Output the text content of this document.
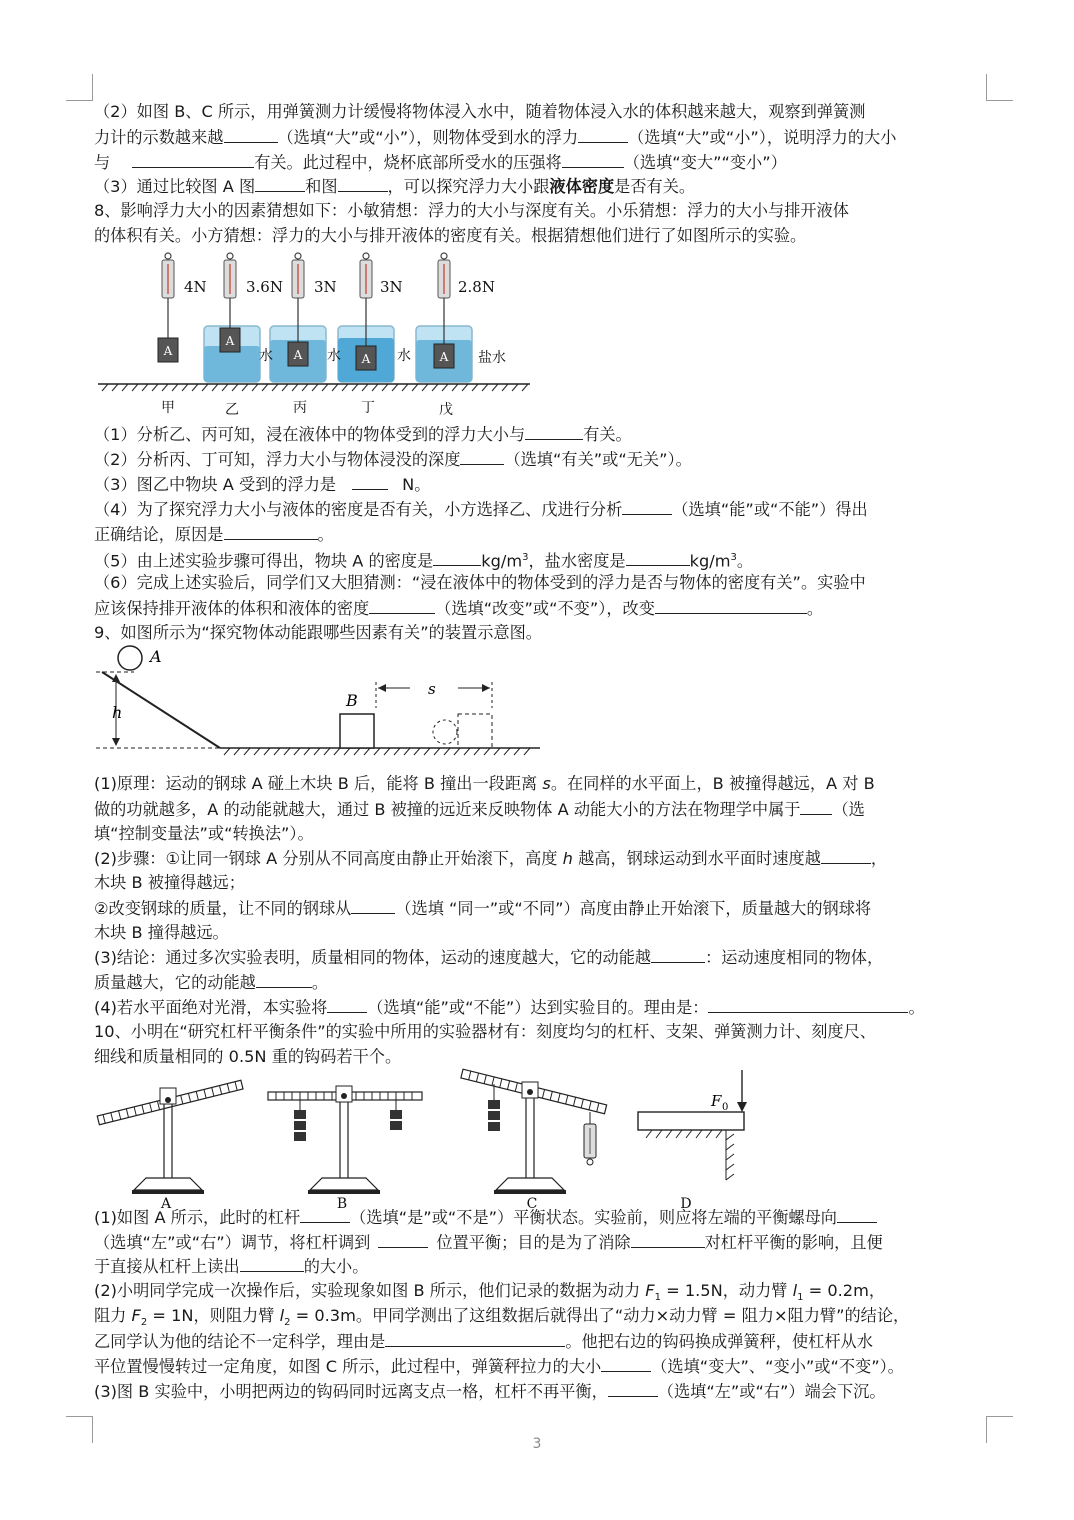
（2）如图 B、C 所示，用弹簧测力计缓慢将物体浸入水中，随着物体浸入水的体积越来越大，观察到弹簧测
力计的示数越来越	（选填“大”或“小”），则物体受到水的浮力	（选填“大”或“小”），说明浮力的大小
与	有关。此过程中，烧杯底部所受水的压强将	（选填“变大”“变小”）
（3）通过比较图 A 图	和图	，可以探究浮力大小跟液体密度是否有关。
8、影响浮力大小的因素猜想如下：小敏猜想：浮力的大小与深度有关。小乐猜想：浮力的大小与排开液体
的体积有关。小方猜想：浮力的大小与排开液体的密度有关。根据猜想他们进行了如图所示的实验。
A
A
A	A	A
4N	3.6N 3N	3N	2.8N
水	水	水	盐水
甲	乙	丙	丁	戊
（1）分析乙、丙可知，浸在液体中的物体受到的浮力大小与	有关。
（2）分析丙、丁可知，浮力大小与物体浸没的深度	（选填“有关”或“无关”）。
（3）图乙中物块 A 受到的浮力是	N。
（4）为了探究浮力大小与液体的密度是否有关，小方选择乙、戊进行分析	（选填“能”或“不能”）得出
正确结论，原因是	。
（5）由上述实验步骤可得出，物块 A 的密度是	$kg/m^3$，盐水密度是	$kg/m^3$。
（6）完成上述实验后，同学们又大胆猜测：“浸在液体中的物体受到的浮力是否与物体的密度有关”。实验中
应该保持排开液体的体积和液体的密度	（选填“改变”或“不变”），改变	。
9、如图所示为“探究物体动能跟哪些因素有关”的装置示意图。
A
h
B
s
(1)原理：运动的钢球 A 碰上木块 B 后，能将 B 撞出一段距离 s。在同样的水平面上，B 被撞得越远，A 对 B
做的功就越多，A 的动能就越大，通过 B 被撞的远近来反映物体 A 动能大小的方法在物理学中属于 （选
填“控制变量法”或“转换法”）。
(2)步骤：①让同一钢球 A 分别从不同高度由静止开始滚下，高度 h 越高，钢球运动到水平面时速度越	，
木块 B 被撞得越远；
②改变钢球的质量，让不同的钢球从	（选填 “同一”或“不同”）高度由静止开始滚下，质量越大的钢球将
木块 B 撞得越远。
(3)结论：通过多次实验表明，质量相同的物体，运动的速度越大，它的动能越	：运动速度相同的物体，
质量越大，它的动能越	。
(4)若水平面绝对光滑，本实验将 （选填“能”或“不能”）达到实验目的。理由是：	。
10、小明在“研究杠杆平衡条件”的实验中所用的实验器材有：刻度均匀的杠杆、支架、弹簧测力计、刻度尺、
细线和质量相同的 0.5N 重的钩码若干个。
F 0
A	B	C	D
(1)如图 A 所示，此时的杠杆	（选填“是”或“不是”）平衡状态。实验前，则应将左端的平衡螺母向
（选填“左”或“右”）调节，将杠杆调到	位置平衡；目的是为了消除	对杠杆平衡的影响，且便
于直接从杠杆上读出	的大小。
(2)小明同学完成一次操作后，实验现象如图 B 所示，他们记录的数据为动力 $F_1 = 1.5N$，动力臂 $l_1 = 0.2m$，
阻力 $F_2 = 1N$，则阻力臂 $l_2 = 0.3m$。甲同学测出了这组数据后就得出了“动力×动力臂 = 阻力×阻力臂”的结论，
乙同学认为他的结论不一定科学，理由是	。他把右边的钩码换成弹簧秤，使杠杆从水
平位置慢慢转过一定角度，如图 C 所示，此过程中，弹簧秤拉力的大小	（选填“变大”、“变小”或“不变”）。
(3)图 B 实验中，小明把两边的钩码同时远离支点一格，杠杆不再平衡，	（选填“左”或“右”）端会下沉。
3
